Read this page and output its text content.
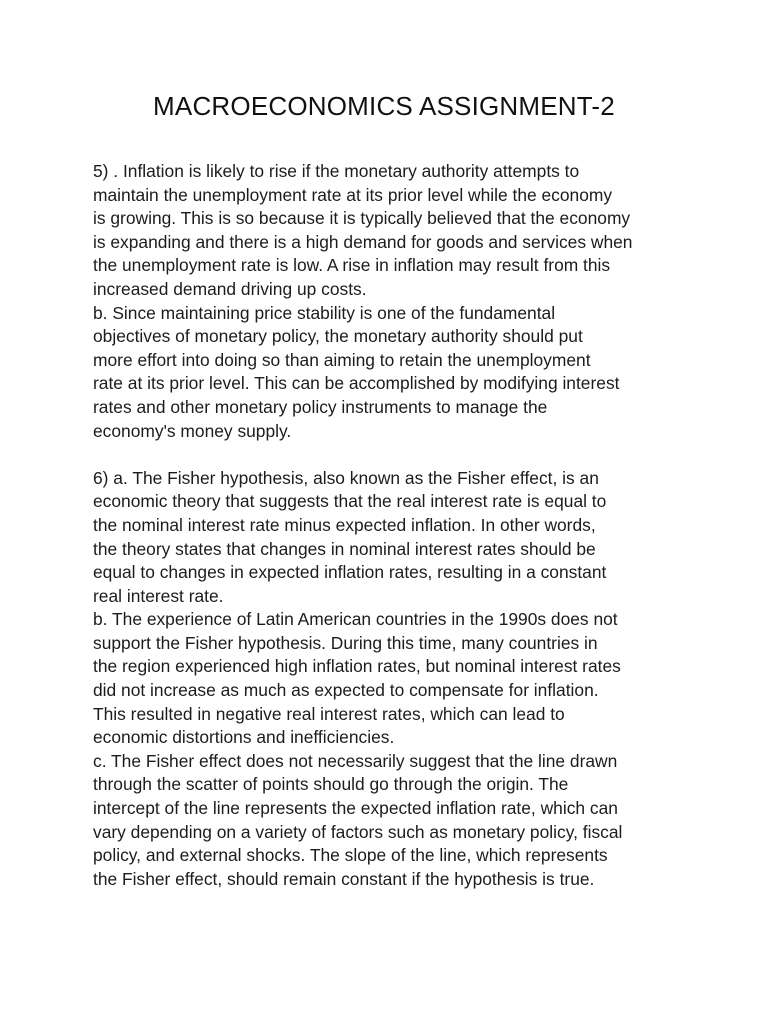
MACROECONOMICS ASSIGNMENT-2
5) . Inflation is likely to rise if the monetary authority attempts to
maintain the unemployment rate at its prior level while the economy
is growing. This is so because it is typically believed that the economy
is expanding and there is a high demand for goods and services when
the unemployment rate is low. A rise in inflation may result from this
increased demand driving up costs.
b. Since maintaining price stability is one of the fundamental
objectives of monetary policy, the monetary authority should put
more effort into doing so than aiming to retain the unemployment
rate at its prior level. This can be accomplished by modifying interest
rates and other monetary policy instruments to manage the
economy's money supply.
6) a. The Fisher hypothesis, also known as the Fisher effect, is an
economic theory that suggests that the real interest rate is equal to
the nominal interest rate minus expected inflation. In other words,
the theory states that changes in nominal interest rates should be
equal to changes in expected inflation rates, resulting in a constant
real interest rate.
b. The experience of Latin American countries in the 1990s does not
support the Fisher hypothesis. During this time, many countries in
the region experienced high inflation rates, but nominal interest rates
did not increase as much as expected to compensate for inflation.
This resulted in negative real interest rates, which can lead to
economic distortions and inefficiencies.
c. The Fisher effect does not necessarily suggest that the line drawn
through the scatter of points should go through the origin. The
intercept of the line represents the expected inflation rate, which can
vary depending on a variety of factors such as monetary policy, fiscal
policy, and external shocks. The slope of the line, which represents
the Fisher effect, should remain constant if the hypothesis is true.
